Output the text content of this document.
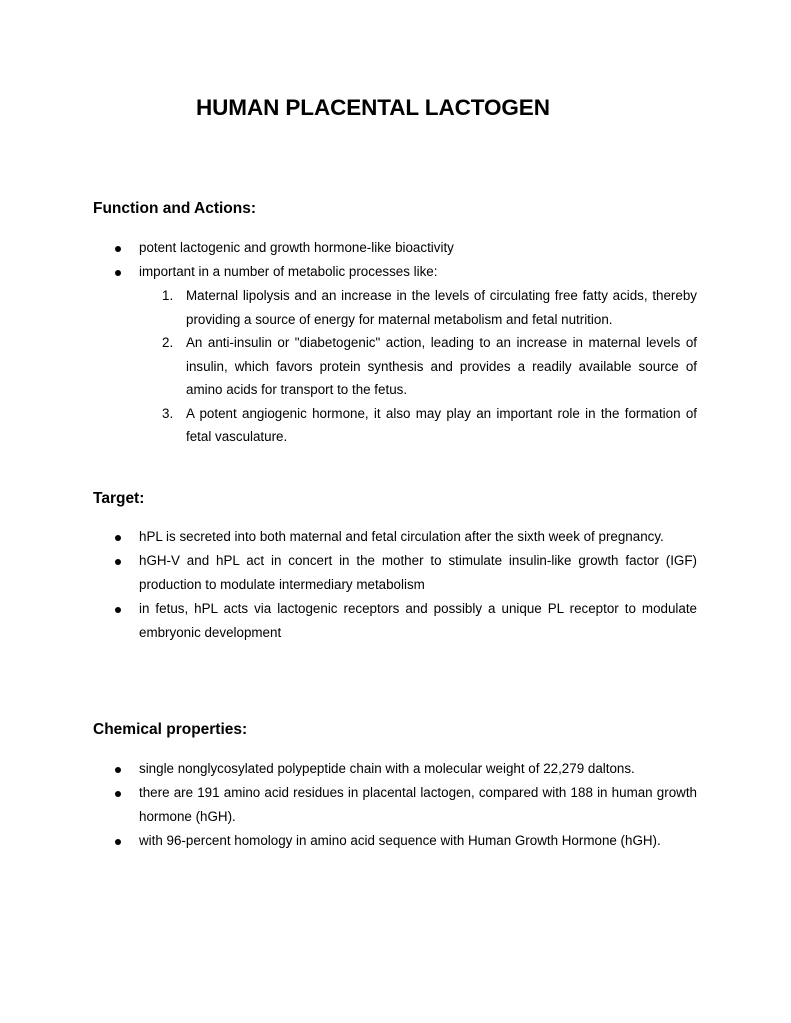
HUMAN PLACENTAL LACTOGEN
Function and Actions:
potent lactogenic and growth hormone-like bioactivity
important in a number of metabolic processes like:
1. Maternal lipolysis and an increase in the levels of circulating free fatty acids, thereby providing a source of energy for maternal metabolism and fetal nutrition.
2. An anti-insulin or "diabetogenic" action, leading to an increase in maternal levels of insulin, which favors protein synthesis and provides a readily available source of amino acids for transport to the fetus.
3. A potent angiogenic hormone, it also may play an important role in the formation of fetal vasculature.
Target:
hPL is secreted into both maternal and fetal circulation after the sixth week of pregnancy.
hGH-V and hPL act in concert in the mother to stimulate insulin-like growth factor (IGF) production to modulate intermediary metabolism
in fetus, hPL acts via lactogenic receptors and possibly a unique PL receptor to modulate embryonic development
Chemical properties:
single nonglycosylated polypeptide chain with a molecular weight of 22,279 daltons.
there are 191 amino acid residues in placental lactogen, compared with 188 in human growth hormone (hGH).
with 96-percent homology in amino acid sequence with Human Growth Hormone (hGH).
